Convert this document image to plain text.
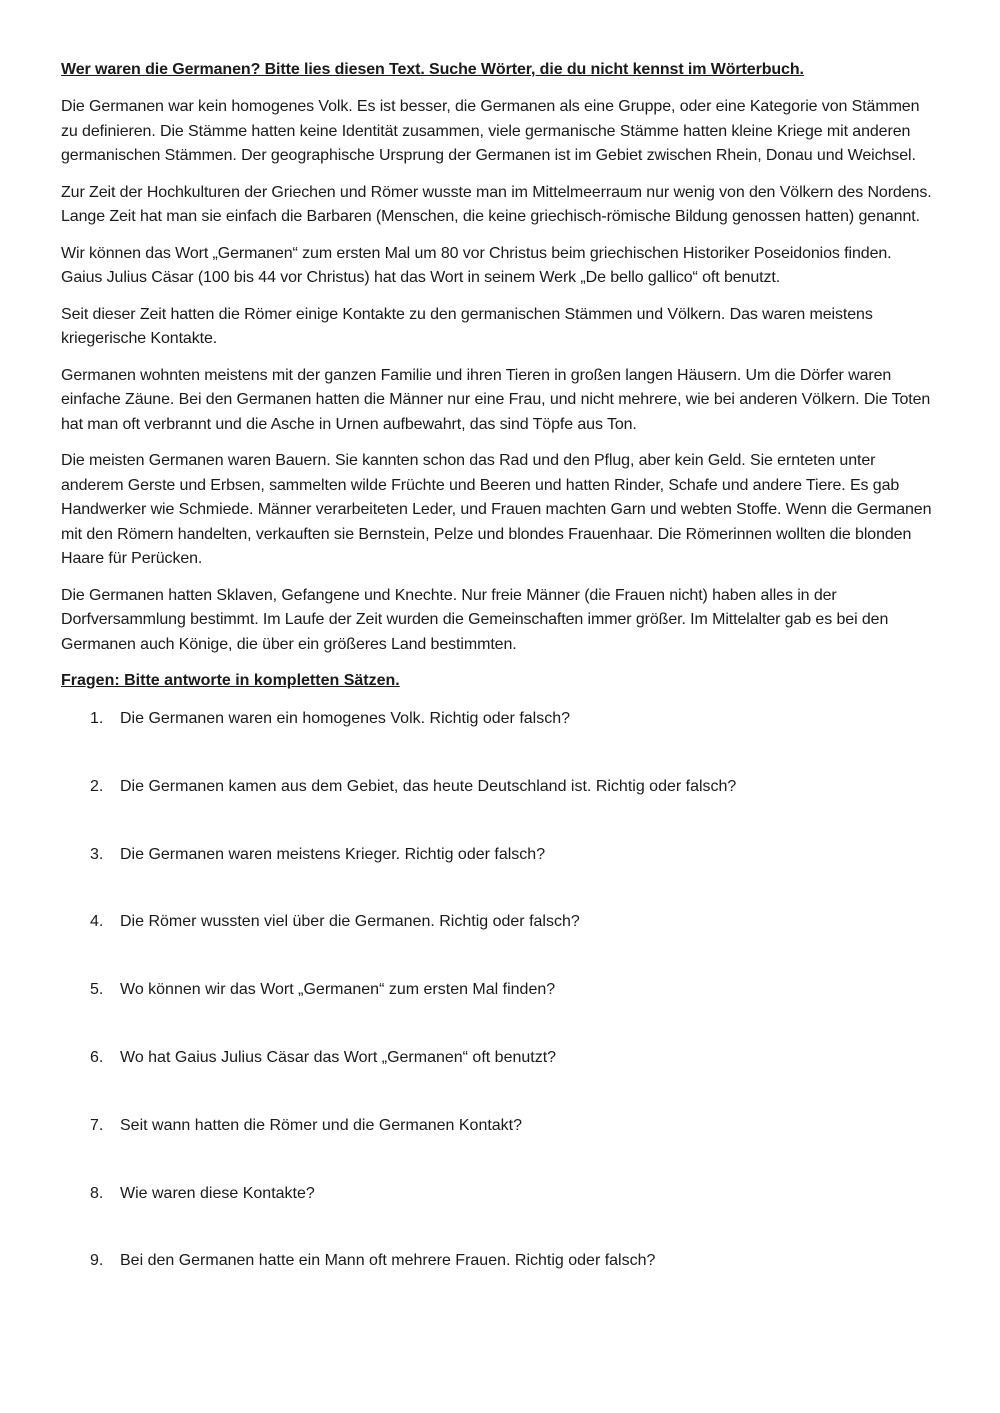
Wer waren die Germanen? Bitte lies diesen Text. Suche Wörter, die du nicht kennst im Wörterbuch.

Die Germanen war kein homogenes Volk. Es ist besser, die Germanen als eine Gruppe, oder eine Kategorie von Stämmen zu definieren. Die Stämme hatten keine Identität zusammen, viele germanische Stämme hatten kleine Kriege mit anderen germanischen Stämmen. Der geographische Ursprung der Germanen ist im Gebiet zwischen Rhein, Donau und Weichsel.

Zur Zeit der Hochkulturen der Griechen und Römer wusste man im Mittelmeerraum nur wenig von den Völkern des Nordens. Lange Zeit hat man sie einfach die Barbaren (Menschen, die keine griechisch-römische Bildung genossen hatten) genannt.

Wir können das Wort „Germanen“ zum ersten Mal um 80 vor Christus beim griechischen Historiker Poseidonios finden. Gaius Julius Cäsar (100 bis 44 vor Christus) hat das Wort in seinem Werk „De bello gallico“ oft benutzt.

Seit dieser Zeit hatten die Römer einige Kontakte zu den germanischen Stämmen und Völkern. Das waren meistens kriegerische Kontakte.

Germanen wohnten meistens mit der ganzen Familie und ihren Tieren in großen langen Häusern. Um die Dörfer waren einfache Zäune. Bei den Germanen hatten die Männer nur eine Frau, und nicht mehrere, wie bei anderen Völkern. Die Toten hat man oft verbrannt und die Asche in Urnen aufbewahrt, das sind Töpfe aus Ton.

Die meisten Germanen waren Bauern. Sie kannten schon das Rad und den Pflug, aber kein Geld. Sie ernteten unter anderem Gerste und Erbsen, sammelten wilde Früchte und Beeren und hatten Rinder, Schafe und andere Tiere. Es gab Handwerker wie Schmiede. Männer verarbeiteten Leder, und Frauen machten Garn und webten Stoffe. Wenn die Germanen mit den Römern handelten, verkauften sie Bernstein, Pelze und blondes Frauenhaar. Die Römerinnen wollten die blonden Haare für Perücken.

Die Germanen hatten Sklaven, Gefangene und Knechte. Nur freie Männer (die Frauen nicht) haben alles in der Dorfversammlung bestimmt. Im Laufe der Zeit wurden die Gemeinschaften immer größer. Im Mittelalter gab es bei den Germanen auch Könige, die über ein größeres Land bestimmten.

Fragen: Bitte antworte in kompletten Sätzen.
1. Die Germanen waren ein homogenes Volk. Richtig oder falsch?
2. Die Germanen kamen aus dem Gebiet, das heute Deutschland ist. Richtig oder falsch?
3. Die Germanen waren meistens Krieger. Richtig oder falsch?
4. Die Römer wussten viel über die Germanen. Richtig oder falsch?
5. Wo können wir das Wort „Germanen“ zum ersten Mal finden?
6. Wo hat Gaius Julius Cäsar das Wort „Germanen“ oft benutzt?
7. Seit wann hatten die Römer und die Germanen Kontakt?
8. Wie waren diese Kontakte?
9. Bei den Germanen hatte ein Mann oft mehrere Frauen. Richtig oder falsch?
